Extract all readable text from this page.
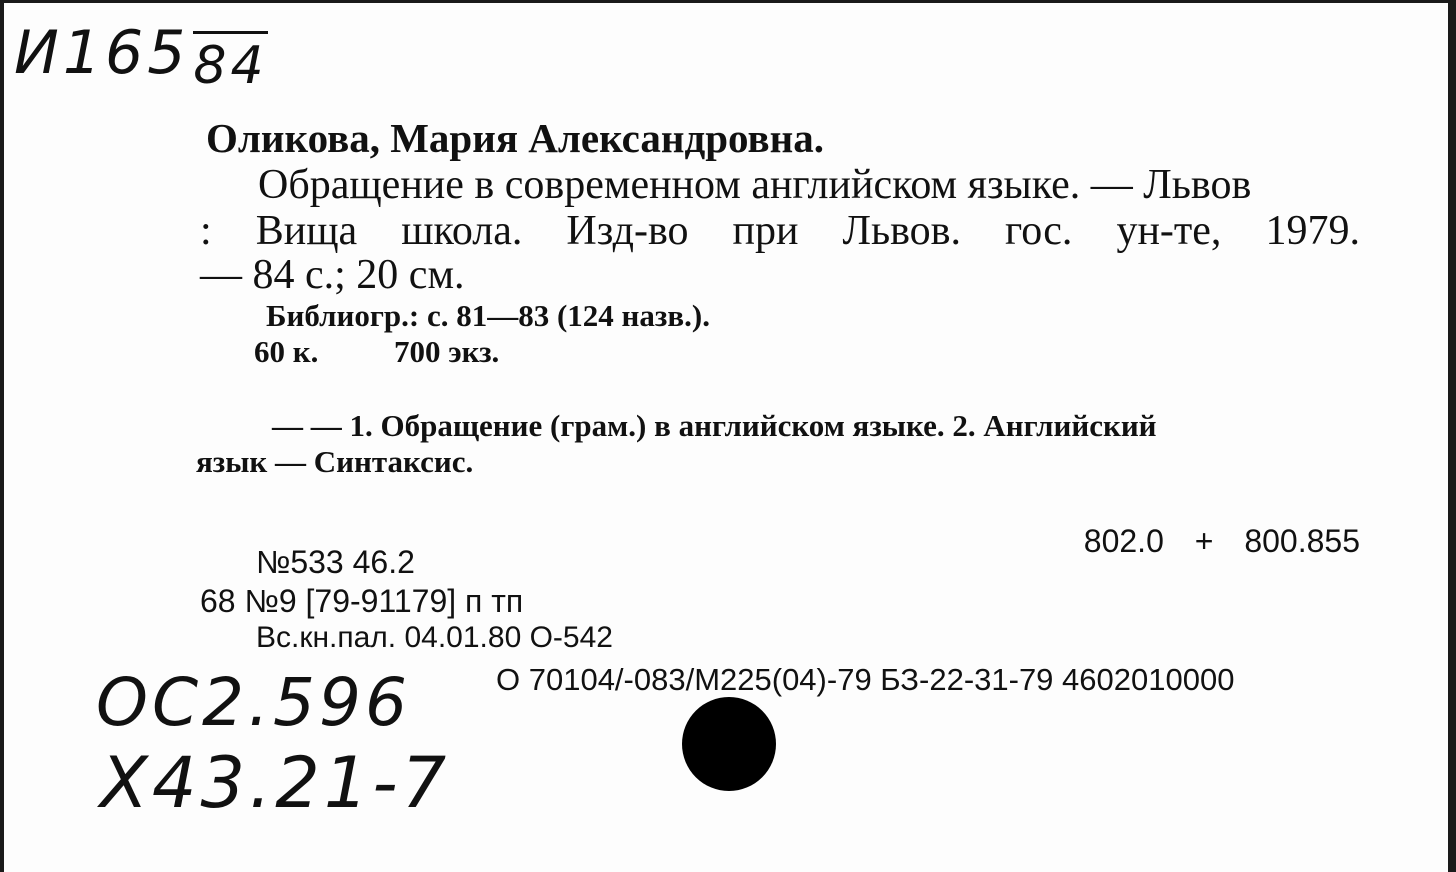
И16584
Оликова, Мария Александровна.
Обращение в современном английском языке. — Львов
: Вища школа. Изд-во при Львов. гос. ун-те, 1979.
— 84 с.; 20 см.
Библиогр.: с. 81—83 (124 назв.).
60 к. 700 экз.
— — 1. Обращение (грам.) в английском языке. 2. Английский
язык — Синтаксис.
802.0 + 800.855
№533 46.2
68 №9 [79-91179] п тп
Вс.кн.пал. 04.01.80 О-542
О 70104/-083/М225(04)-79 БЗ-22-31-79 4602010000
ОС2.596
Х43.21-7
